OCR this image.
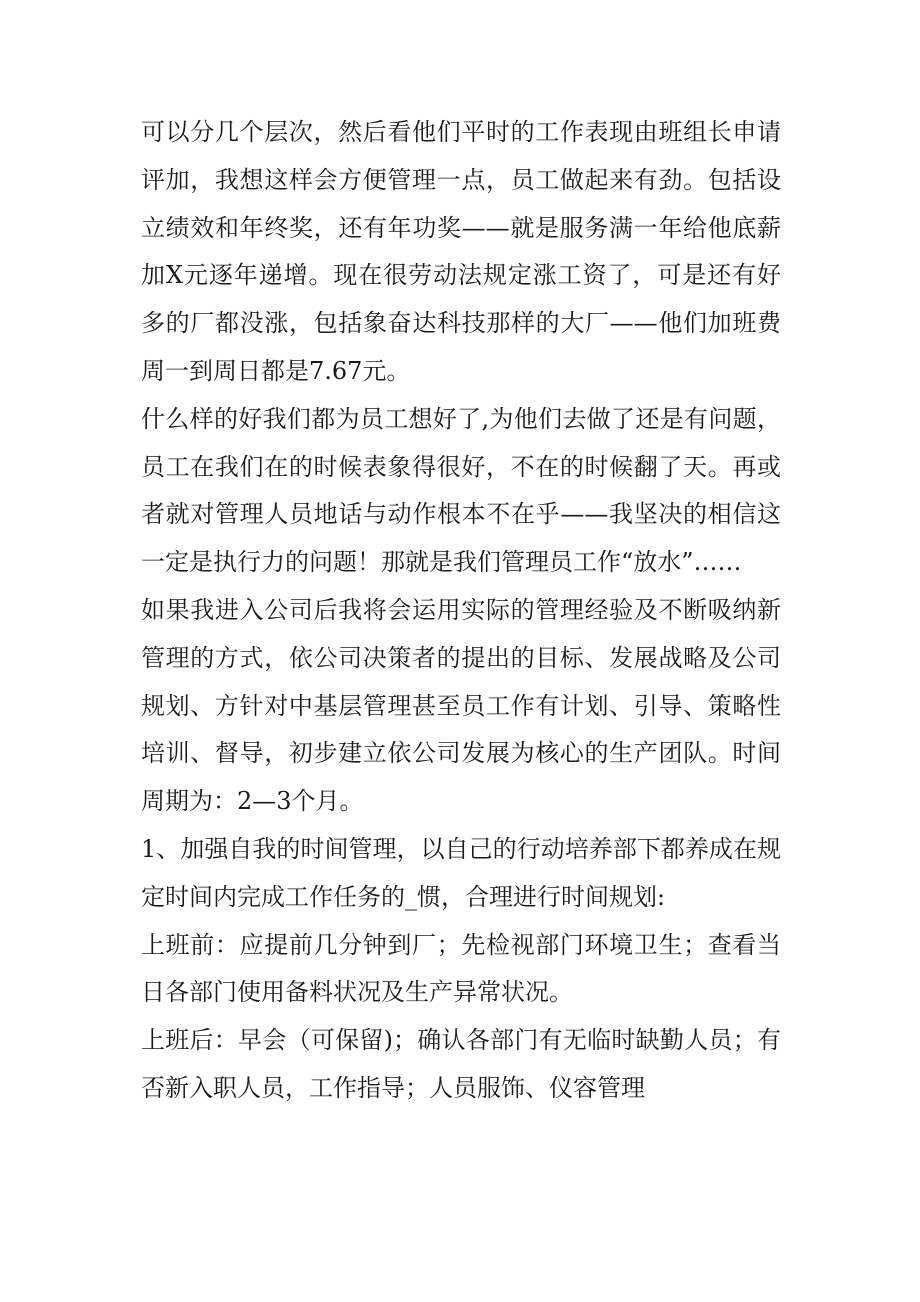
可以分几个层次，然后看他们平时的工作表现由班组长申请评加，我想这样会方便管理一点，员工做起来有劲。包括设立绩效和年终奖，还有年功奖——就是服务满一年给他底薪加X元逐年递增。现在很劳动法规定涨工资了，可是还有好多的厂都没涨，包括象奋达科技那样的大厂——他们加班费周一到周日都是7.67元。

什么样的好我们都为员工想好了,为他们去做了还是有问题，员工在我们在的时候表象得很好，不在的时候翻了天。再或者就对管理人员地话与动作根本不在乎——我坚决的相信这一定是执行力的问题！那就是我们管理员工作“放水”……

如果我进入公司后我将会运用实际的管理经验及不断吸纳新管理的方式，依公司决策者的提出的目标、发展战略及公司规划、方针对中基层管理甚至员工作有计划、引导、策略性培训、督导，初步建立依公司发展为核心的生产团队。时间周期为：2—3个月。

1、加强自我的时间管理，以自己的行动培养部下都养成在规定时间内完成工作任务的_惯，合理进行时间规划:

上班前：应提前几分钟到厂；先检视部门环境卫生；查看当日各部门使用备料状况及生产异常状况。

上班后：早会（可保留)；确认各部门有无临时缺勤人员；有否新入职人员，工作指导；人员服饰、仪容管理
